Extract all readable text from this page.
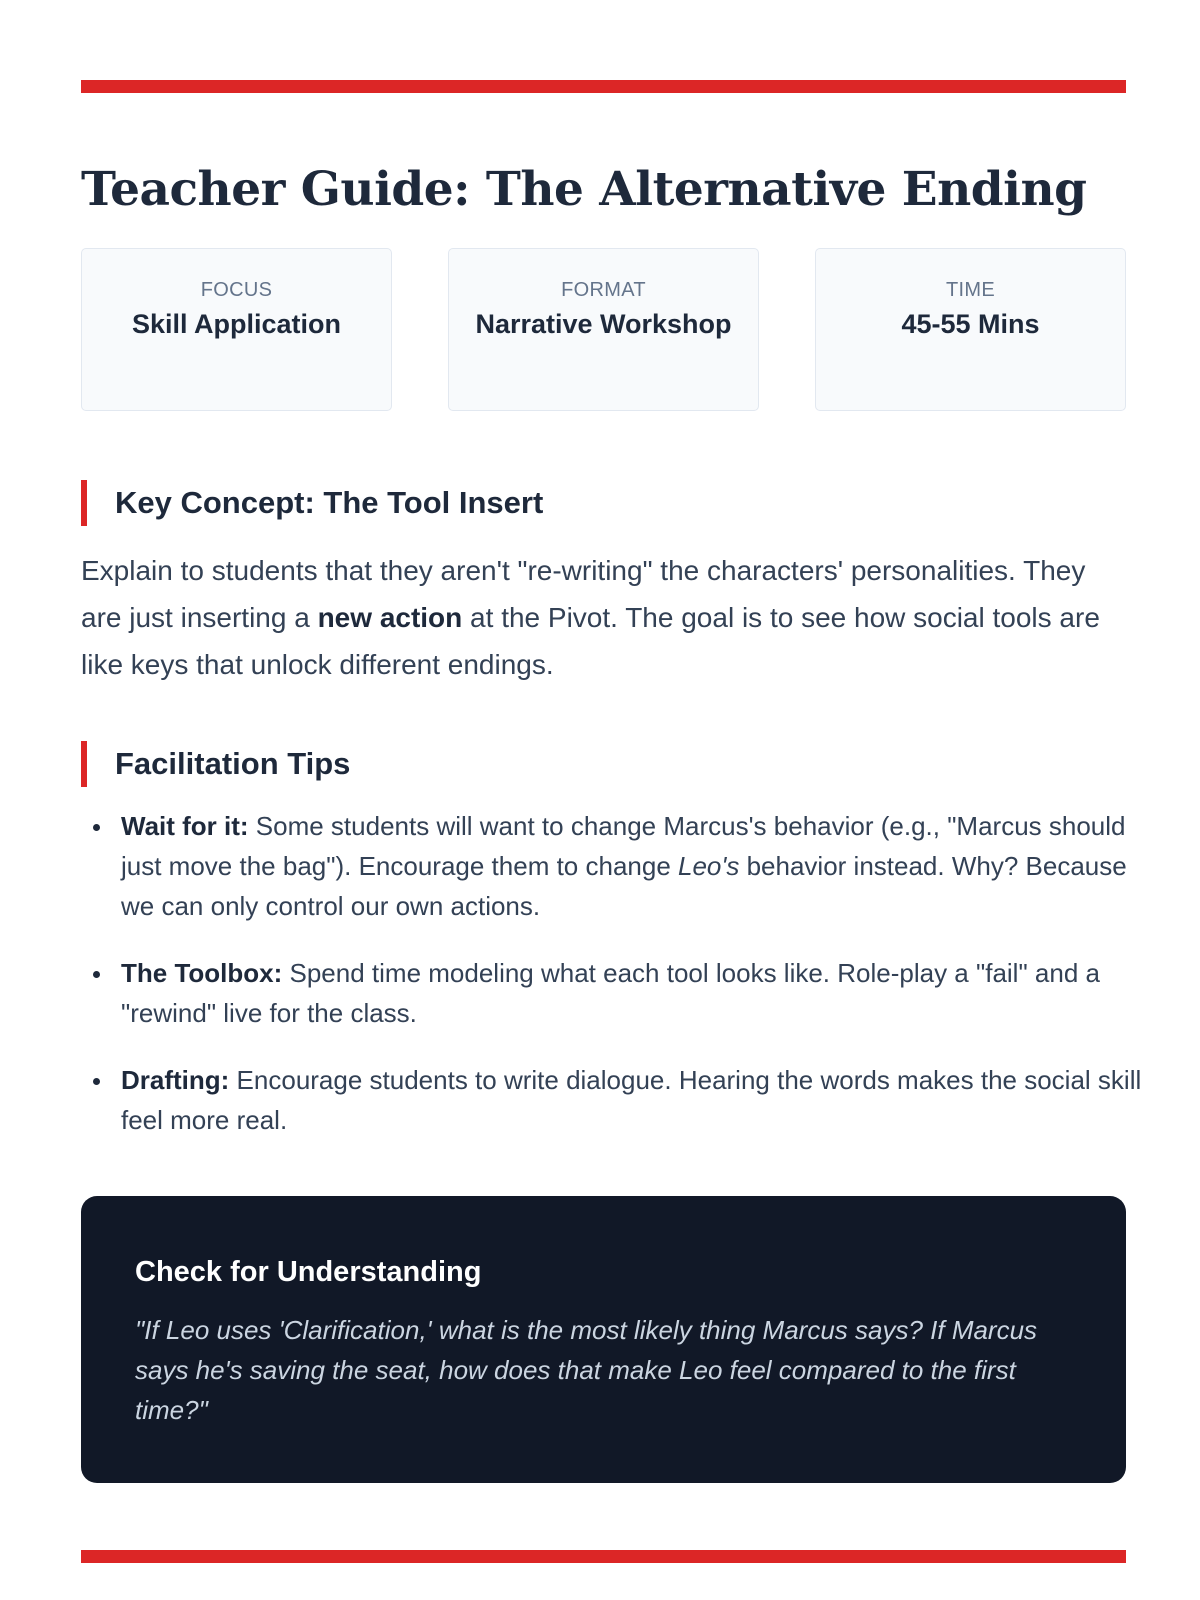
Teacher Guide: The Alternative Ending
FOCUS
Skill Application
FORMAT
Narrative Workshop
TIME
45-55 Mins
Key Concept: The Tool Insert

Explain to students that they aren't "re-writing" the characters' personalities. They are just inserting a new action at the Pivot. The goal is to see how social tools are like keys that unlock different endings.

Facilitation Tips
Wait for it: Some students will want to change Marcus's behavior (e.g., "Marcus should just move the bag"). Encourage them to change Leo's behavior instead. Why? Because we can only control our own actions.
The Toolbox: Spend time modeling what each tool looks like. Role-play a "fail" and a "rewind" live for the class.
Drafting: Encourage students to write dialogue. Hearing the words makes the social skill feel more real.
Check for Understanding

"If Leo uses 'Clarification,' what is the most likely thing Marcus says? If Marcus says he's saving the seat, how does that make Leo feel compared to the first time?"
